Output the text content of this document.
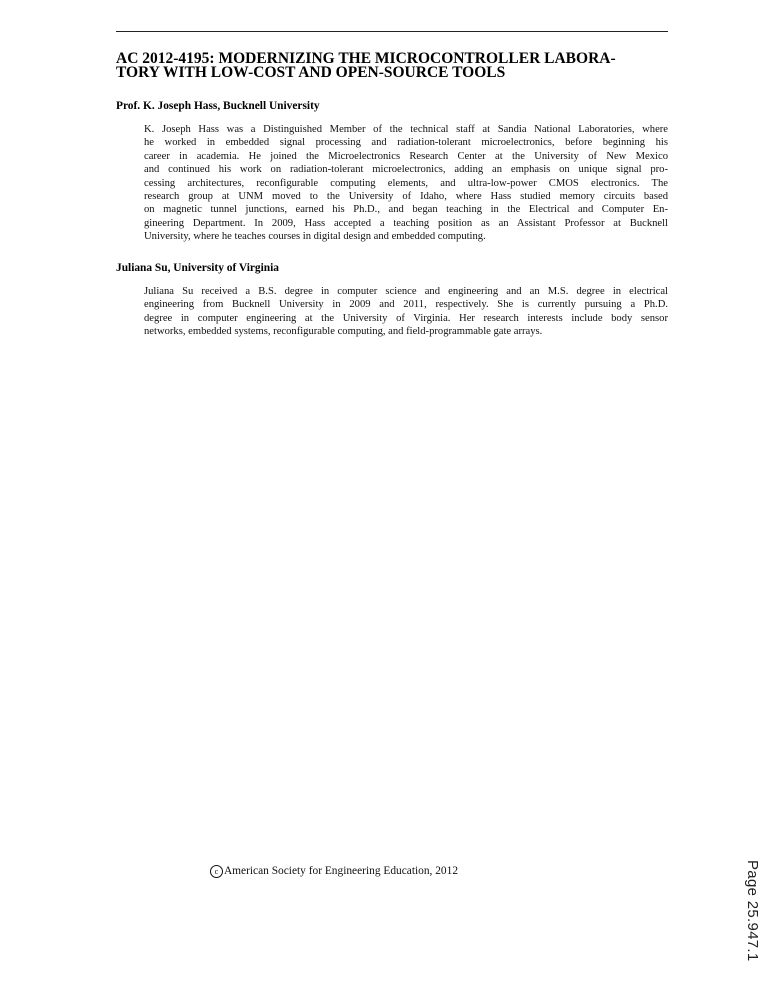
AC 2012-4195: MODERNIZING THE MICROCONTROLLER LABORA-
TORY WITH LOW-COST AND OPEN-SOURCE TOOLS

Prof. K. Joseph Hass, Bucknell University

K. Joseph Hass was a Distinguished Member of the technical staff at Sandia National Laboratories, where
he worked in embedded signal processing and radiation-tolerant microelectronics, before beginning his
career in academia. He joined the Microelectronics Research Center at the University of New Mexico
and continued his work on radiation-tolerant microelectronics, adding an emphasis on unique signal pro-
cessing architectures, reconfigurable computing elements, and ultra-low-power CMOS electronics. The
research group at UNM moved to the University of Idaho, where Hass studied memory circuits based
on magnetic tunnel junctions, earned his Ph.D., and began teaching in the Electrical and Computer En-
gineering Department. In 2009, Hass accepted a teaching position as an Assistant Professor at Bucknell
University, where he teaches courses in digital design and embedded computing.

Juliana Su, University of Virginia

Juliana Su received a B.S. degree in computer science and engineering and an M.S. degree in electrical
engineering from Bucknell University in 2009 and 2011, respectively. She is currently pursuing a Ph.D.
degree in computer engineering at the University of Virginia. Her research interests include body sensor
networks, embedded systems, reconfigurable computing, and field-programmable gate arrays.
c American Society for Engineering Education, 2012	Page 25.947.1
